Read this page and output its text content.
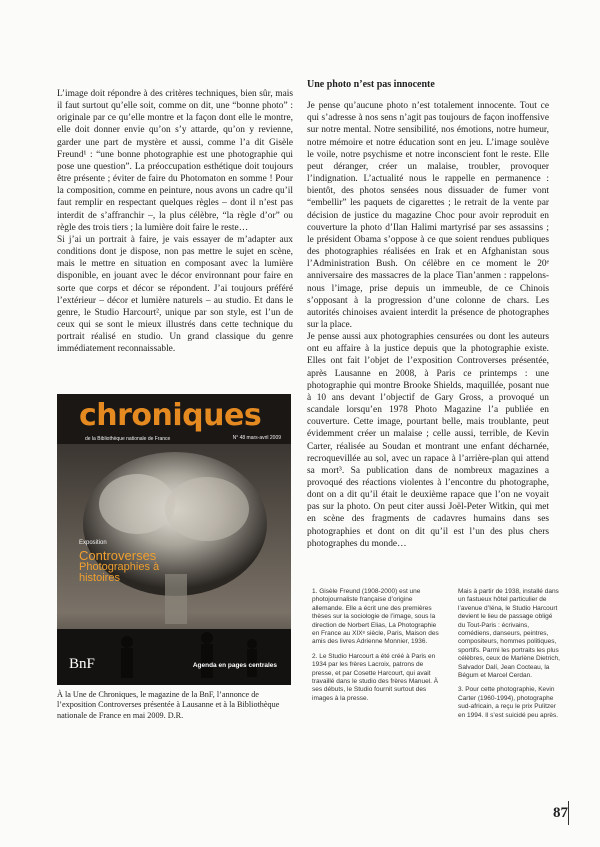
L’image doit répondre à des critères techniques, bien sûr, mais il faut surtout qu’elle soit, comme on dit, une “bonne photo” : originale par ce qu’elle montre et la façon dont elle le montre, elle doit donner envie qu’on s’y attarde, qu’on y revienne, garder une part de mystère et aussi, comme l’a dit Gisèle Freund¹ : “une bonne photographie est une photographie qui pose une question”. La préoccupation esthétique doit toujours être présente ; éviter de faire du Photomaton en somme ! Pour la composition, comme en peinture, nous avons un cadre qu’il faut remplir en respectant quelques règles – dont il n’est pas interdit de s’affranchir –, la plus célèbre, “la règle d’or” ou règle des trois tiers ; la lumière doit faire le reste…

Si j’ai un portrait à faire, je vais essayer de m’adapter aux conditions dont je dispose, non pas mettre le sujet en scène, mais le mettre en situation en composant avec la lumière disponible, en jouant avec le décor environnant pour faire en sorte que corps et décor se répondent. J’ai toujours préféré l’extérieur – décor et lumière naturels – au studio. Et dans le genre, le Studio Harcourt², unique par son style, est l’un de ceux qui se sont le mieux illustrés dans cette technique du portrait réalisé en studio. Un grand classique du genre immédiatement reconnaissable.

chroniques
de la Bibliothèque nationale de France	N° 48 mars-avril 2009
Exposition
Controverses
Photographies à histoires
BnF	Agenda en pages centrales
À la Une de Chroniques, le magazine de la BnF, l’annonce de l’exposition Controverses présentée à Lausanne et à la Bibliothèque nationale de France en mai 2009. D.R.

Une photo n’est pas innocente

Je pense qu’aucune photo n’est totalement innocente. Tout ce qui s’adresse à nos sens n’agit pas toujours de façon inoffensive sur notre mental. Notre sensibilité, nos émotions, notre humeur, notre mémoire et notre éducation sont en jeu. L’image soulève le voile, notre psychisme et notre inconscient font le reste. Elle peut déranger, créer un malaise, troubler, provoquer l’indignation. L’actualité nous le rappelle en permanence : bientôt, des photos sensées nous dissuader de fumer vont “embellir” les paquets de cigarettes ; le retrait de la vente par décision de justice du magazine Choc pour avoir reproduit en couverture la photo d’Ilan Halimi martyrisé par ses assassins ; le président Obama s’oppose à ce que soient rendues publiques des photographies réalisées en Irak et en Afghanistan sous l’Administration Bush. On célèbre en ce moment le 20ᵉ anniversaire des massacres de la place Tian’anmen : rappelons-nous l’image, prise depuis un immeuble, de ce Chinois s’opposant à la progression d’une colonne de chars. Les autorités chinoises avaient interdit la présence de photographes sur la place.

Je pense aussi aux photographies censurées ou dont les auteurs ont eu affaire à la justice depuis que la photographie existe. Elles ont fait l’objet de l’exposition Controverses présentée, après Lausanne en 2008, à Paris ce printemps : une photographie qui montre Brooke Shields, maquillée, posant nue à 10 ans devant l’objectif de Gary Gross, a provoqué un scandale lorsqu’en 1978 Photo Magazine l’a publiée en couverture. Cette image, pourtant belle, mais troublante, peut évidemment créer un malaise ; celle aussi, terrible, de Kevin Carter, réalisée au Soudan et montrant une enfant décharnée, recroquevillée au sol, avec un rapace à l’arrière-plan qui attend sa mort³. Sa publication dans de nombreux magazines a provoqué des réactions violentes à l’encontre du photographe, dont on a dit qu’il était le deuxième rapace que l’on ne voyait pas sur la photo. On peut citer aussi Joël-Peter Witkin, qui met en scène des fragments de cadavres humains dans ses photographies et dont on dit qu’il est l’un des plus chers photographes du monde…

1. Gisèle Freund (1908-2000) est une photojournaliste française d’origine allemande. Elle a écrit une des premières thèses sur la sociologie de l’image, sous la direction de Norbert Elias, La Photographie en France au XIXᵉ siècle, Paris, Maison des amis des livres Adrienne Monnier, 1936.

2. Le Studio Harcourt a été créé à Paris en 1934 par les frères Lacroix, patrons de presse, et par Cosette Harcourt, qui avait travaillé dans le studio des frères Manuel. À ses débuts, le Studio fournit surtout des images à la presse.

Mais à partir de 1938, installé dans un fastueux hôtel particulier de l’avenue d’Iéna, le Studio Harcourt devient le lieu de passage obligé du Tout-Paris : écrivains, comédiens, danseurs, peintres, compositeurs, hommes politiques, sportifs. Parmi les portraits les plus célèbres, ceux de Marlène Dietrich, Salvador Dalí, Jean Cocteau, la Bégum et Marcel Cerdan.

3. Pour cette photographie, Kevin Carter (1960-1994), photographe sud-africain, a reçu le prix Pulitzer en 1994. Il s’est suicidé peu après.

87
